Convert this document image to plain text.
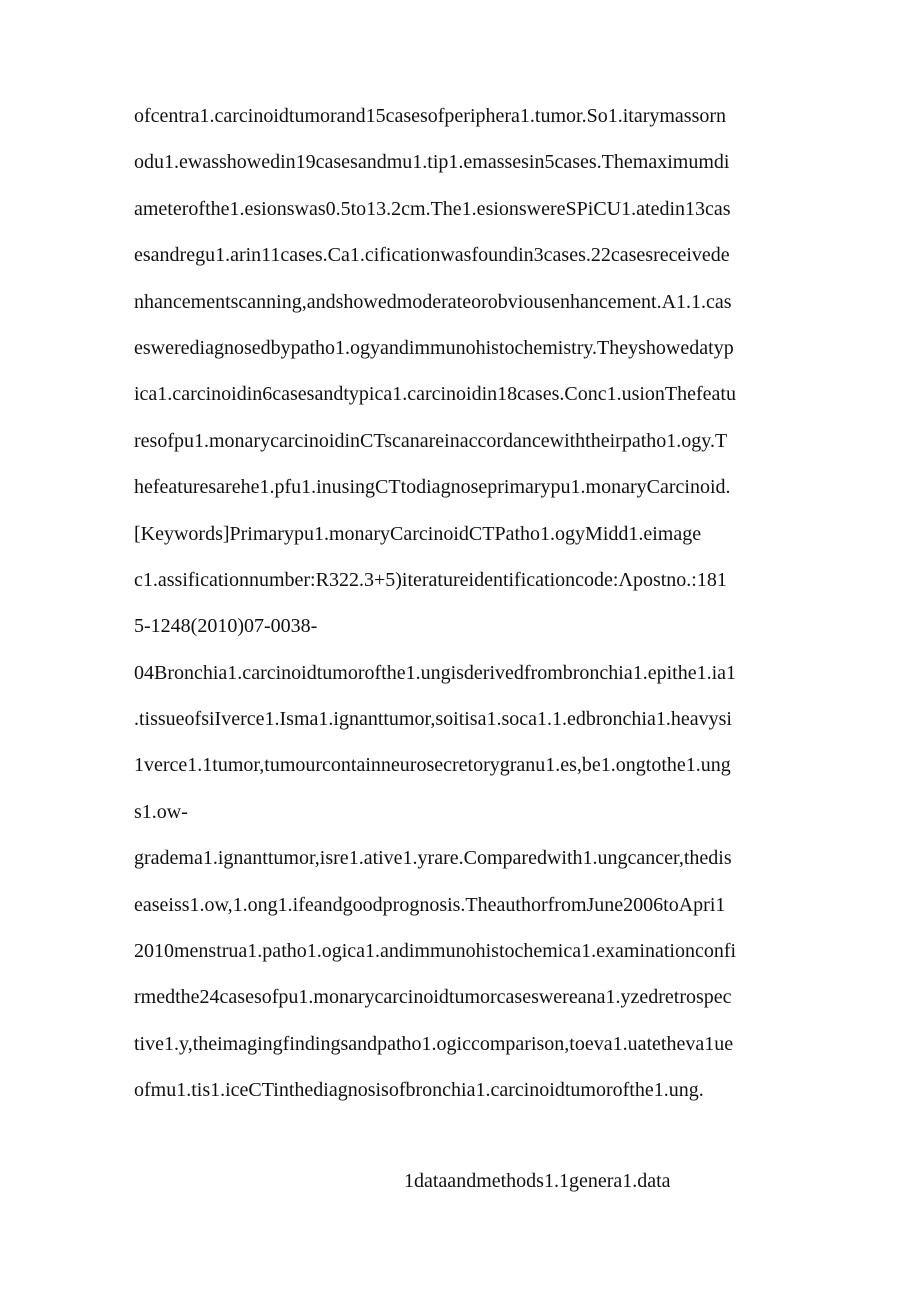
ofcentra1.carcinoidtumorand15casesofperiphera1.tumor.So1.itarymassorn
odu1.ewasshowedin19casesandmu1.tip1.emassesin5cases.Themaximumdi
ameterofthe1.esionswas0.5to13.2cm.The1.esionswereSPiCU1.atedin13cas
esandregu1.arin11cases.Ca1.cificationwasfoundin3cases.22casesreceivede
nhancementscanning,andshowedmoderateorobviousenhancement.A1.1.cas
eswerediagnosedbypatho1.ogyandimmunohistochemistry.Theyshowedatyp
ica1.carcinoidin6casesandtypica1.carcinoidin18cases.Conc1.usionThefeatu
resofpu1.monarycarcinoidinCTscanareinaccordancewiththeirpatho1.ogy.T
hefeaturesarehe1.pfu1.inusingCTtodiagnoseprimarypu1.monaryCarcinoid.
[Keywords]Primarypu1.monaryCarcinoidCTPatho1.ogyMidd1.eimage
c1.assificationnumber:R322.3+5)iteratureidentificationcode:Λpostno.:181
5-1248(2010)07-0038-
04Bronchia1.carcinoidtumorofthe1.ungisderivedfrombronchia1.epithe1.ia1
.tissueofsiIverce1.Isma1.ignanttumor,soitisa1.soca1.1.edbronchia1.heavysi
1verce1.1tumor,tumourcontainneurosecretorygranu1.es,be1.ongtothe1.ung
s1.ow-
gradema1.ignanttumor,isre1.ative1.yrare.Comparedwith1.ungcancer,thedis
easeiss1.ow,1.ong1.ifeandgoodprognosis.TheauthorfromJune2006toApri1
2010menstrua1.patho1.ogica1.andimmunohistochemica1.examinationconfi
rmedthe24casesofpu1.monarycarcinoidtumorcaseswereana1.yzedretrospec
tive1.y,theimagingfindingsandpatho1.ogiccomparison,toeva1.uatetheva1ue
ofmu1.tis1.iceCTinthediagnosisofbronchia1.carcinoidtumorofthe1.ung.
1dataandmethods1.1genera1.data
